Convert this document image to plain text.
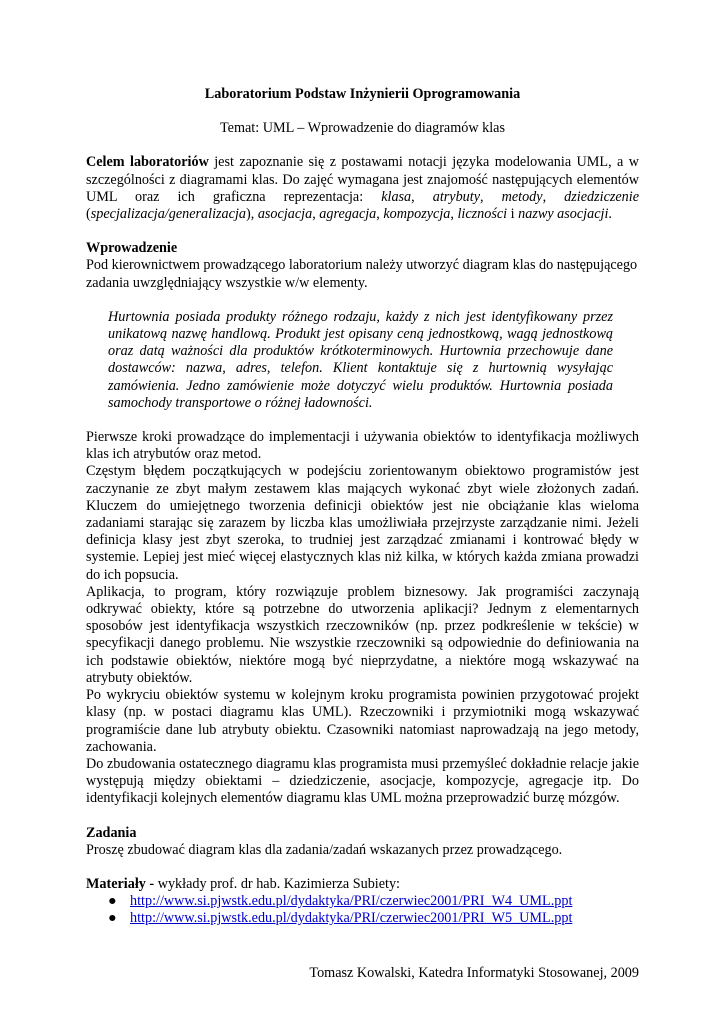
Laboratorium Podstaw Inżynierii Oprogramowania
Temat: UML – Wprowadzenie do diagramów klas

Celem laboratoriów jest zapoznanie się z postawami notacji języka modelowania UML, a w szczególności z diagramami klas. Do zajęć wymagana jest znajomość następujących elementów UML oraz ich graficzna reprezentacja: klasa, atrybuty, metody, dziedziczenie (specjalizacja/generalizacja), asocjacja, agregacja, kompozycja, liczności i nazwy asocjacji.

Wprowadzenie

Pod kierownictwem prowadzącego laboratorium należy utworzyć diagram klas do następującego zadania uwzględniający wszystkie w/w elementy.

Hurtownia posiada produkty różnego rodzaju, każdy z nich jest identyfikowany przez unikatową nazwę handlową. Produkt jest opisany ceną jednostkową, wagą jednostkową oraz datą ważności dla produktów krótkoterminowych. Hurtownia przechowuje dane dostawców: nazwa, adres, telefon. Klient kontaktuje się z hurtownią wysyłając zamówienia. Jedno zamówienie może dotyczyć wielu produktów. Hurtownia posiada samochody transportowe o różnej ładowności.

Pierwsze kroki prowadzące do implementacji i używania obiektów to identyfikacja możliwych klas ich atrybutów oraz metod.

Częstym błędem początkujących w podejściu zorientowanym obiektowo programistów jest zaczynanie ze zbyt małym zestawem klas mających wykonać zbyt wiele złożonych zadań. Kluczem do umiejętnego tworzenia definicji obiektów jest nie obciążanie klas wieloma zadaniami starając się zarazem by liczba klas umożliwiała przejrzyste zarządzanie nimi. Jeżeli definicja klasy jest zbyt szeroka, to trudniej jest zarządzać zmianami i kontrować błędy w systemie. Lepiej jest mieć więcej elastycznych klas niż kilka, w których każda zmiana prowadzi do ich popsucia.

Aplikacja, to program, który rozwiązuje problem biznesowy. Jak programiści zaczynają odkrywać obiekty, które są potrzebne do utworzenia aplikacji? Jednym z elementarnych sposobów jest identyfikacja wszystkich rzeczowników (np. przez podkreślenie w tekście) w specyfikacji danego problemu. Nie wszystkie rzeczowniki są odpowiednie do definiowania na ich podstawie obiektów, niektóre mogą być nieprzydatne, a niektóre mogą wskazywać na atrybuty obiektów.

Po wykryciu obiektów systemu w kolejnym kroku programista powinien przygotować projekt klasy (np. w postaci diagramu klas UML). Rzeczowniki i przymiotniki mogą wskazywać programiście dane lub atrybuty obiektu. Czasowniki natomiast naprowadzają na jego metody, zachowania.

Do zbudowania ostatecznego diagramu klas programista musi przemyśleć dokładnie relacje jakie występują między obiektami – dziedziczenie, asocjacje, kompozycje, agregacje itp. Do identyfikacji kolejnych elementów diagramu klas UML można przeprowadzić burzę mózgów.

Zadania

Proszę zbudować diagram klas dla zadania/zadań wskazanych przez prowadzącego.

Materiały - wykłady prof. dr hab. Kazimierza Subiety:

● http://www.si.pjwstk.edu.pl/dydaktyka/PRI/czerwiec2001/PRI_W4_UML.ppt
● http://www.si.pjwstk.edu.pl/dydaktyka/PRI/czerwiec2001/PRI_W5_UML.ppt
Tomasz Kowalski, Katedra Informatyki Stosowanej, 2009
